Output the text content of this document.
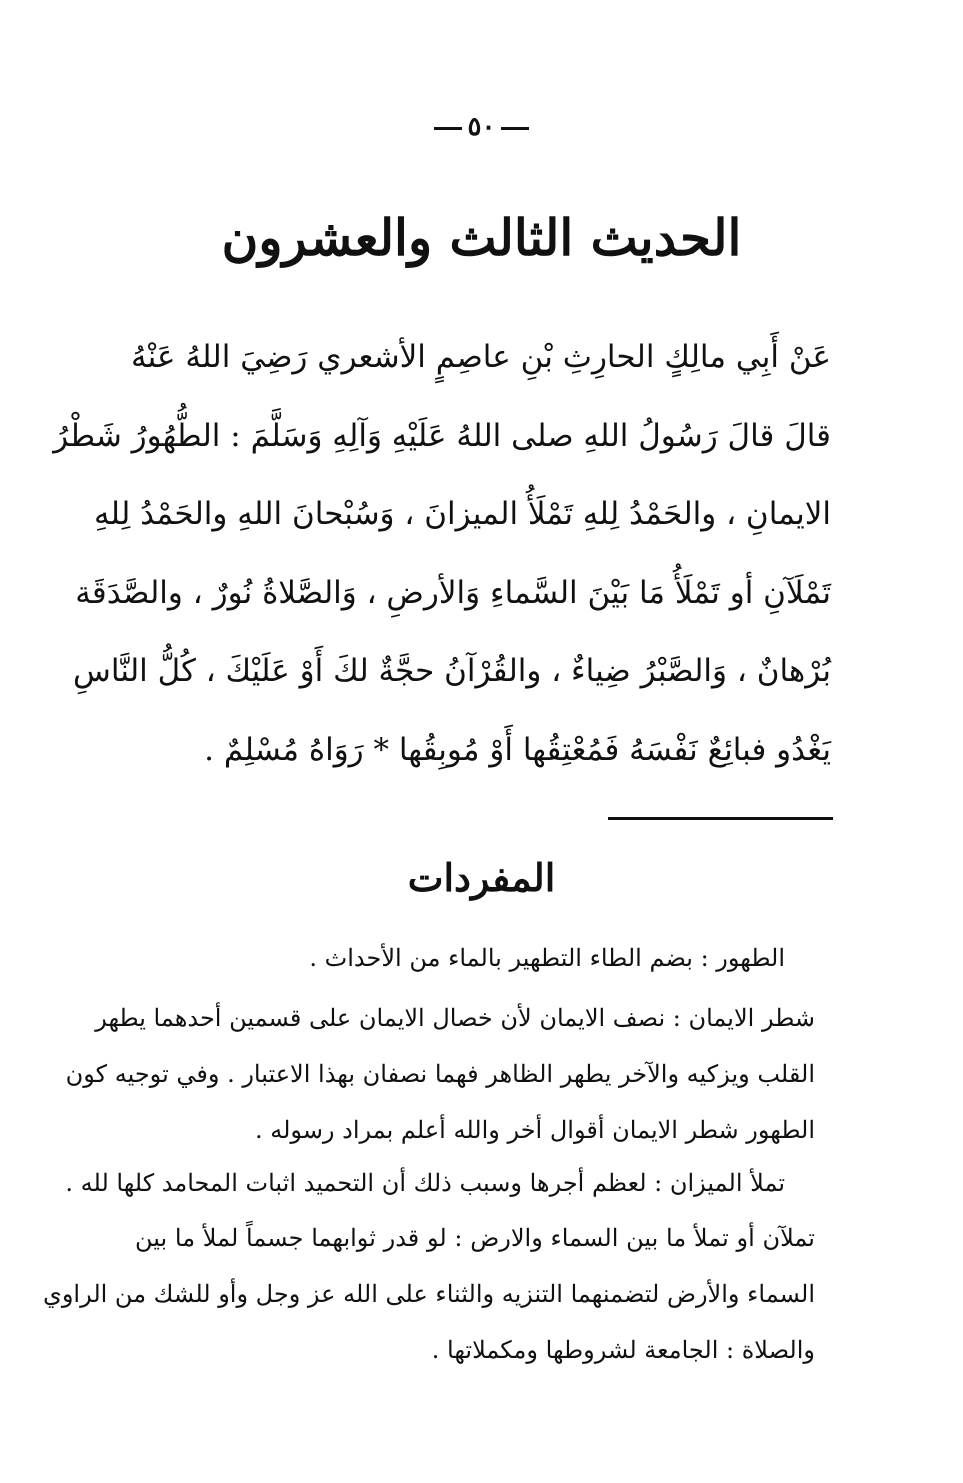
٥٠
الحديث الثالث والعشرون
عَنْ أَبِي مالِكٍ الحارِثِ بْنِ عاصِمٍ الأشعري رَضِيَ اللهُ عَنْهُ
قالَ قالَ رَسُولُ اللهِ صلى اللهُ عَلَيْهِ وَآلِهِ وَسَلَّمَ : الطُّهُورُ شَطْرُ
الايمانِ ، والحَمْدُ لِلهِ تَمْلَأُ الميزانَ ، وَسُبْحانَ اللهِ والحَمْدُ لِلهِ
تَمْلَآنِ أو تَمْلَأُ مَا بَيْنَ السَّماءِ وَالأرضِ ، وَالصَّلاةُ نُورٌ ، والصَّدَقَة
بُرْهانٌ ، وَالصَّبْرُ ضِياءٌ ، والقُرْآنُ حجَّةٌ لكَ أَوْ عَلَيْكَ ، كُلُّ النَّاسِ
يَغْدُو فبائِعٌ نَفْسَهُ فَمُعْتِقُها أَوْ مُوبِقُها * رَوَاهُ مُسْلِمٌ .
المفردات
الطهور : بضم الطاء التطهير بالماء من الأحداث .
شطر الايمان : نصف الايمان لأن خصال الايمان على قسمين أحدهما يطهر
القلب ويزكيه والآخر يطهر الظاهر فهما نصفان بهذا الاعتبار . وفي توجيه كون
الطهور شطر الايمان أقوال أخر والله أعلم بمراد رسوله .
تملأ الميزان : لعظم أجرها وسبب ذلك أن التحميد اثبات المحامد كلها لله .
تملآن أو تملأ ما بين السماء والارض : لو قدر ثوابهما جسماً لملأ ما بين
السماء والأرض لتضمنهما التنزيه والثناء على الله عز وجل وأو للشك من الراوي
والصلاة : الجامعة لشروطها ومكملاتها .
